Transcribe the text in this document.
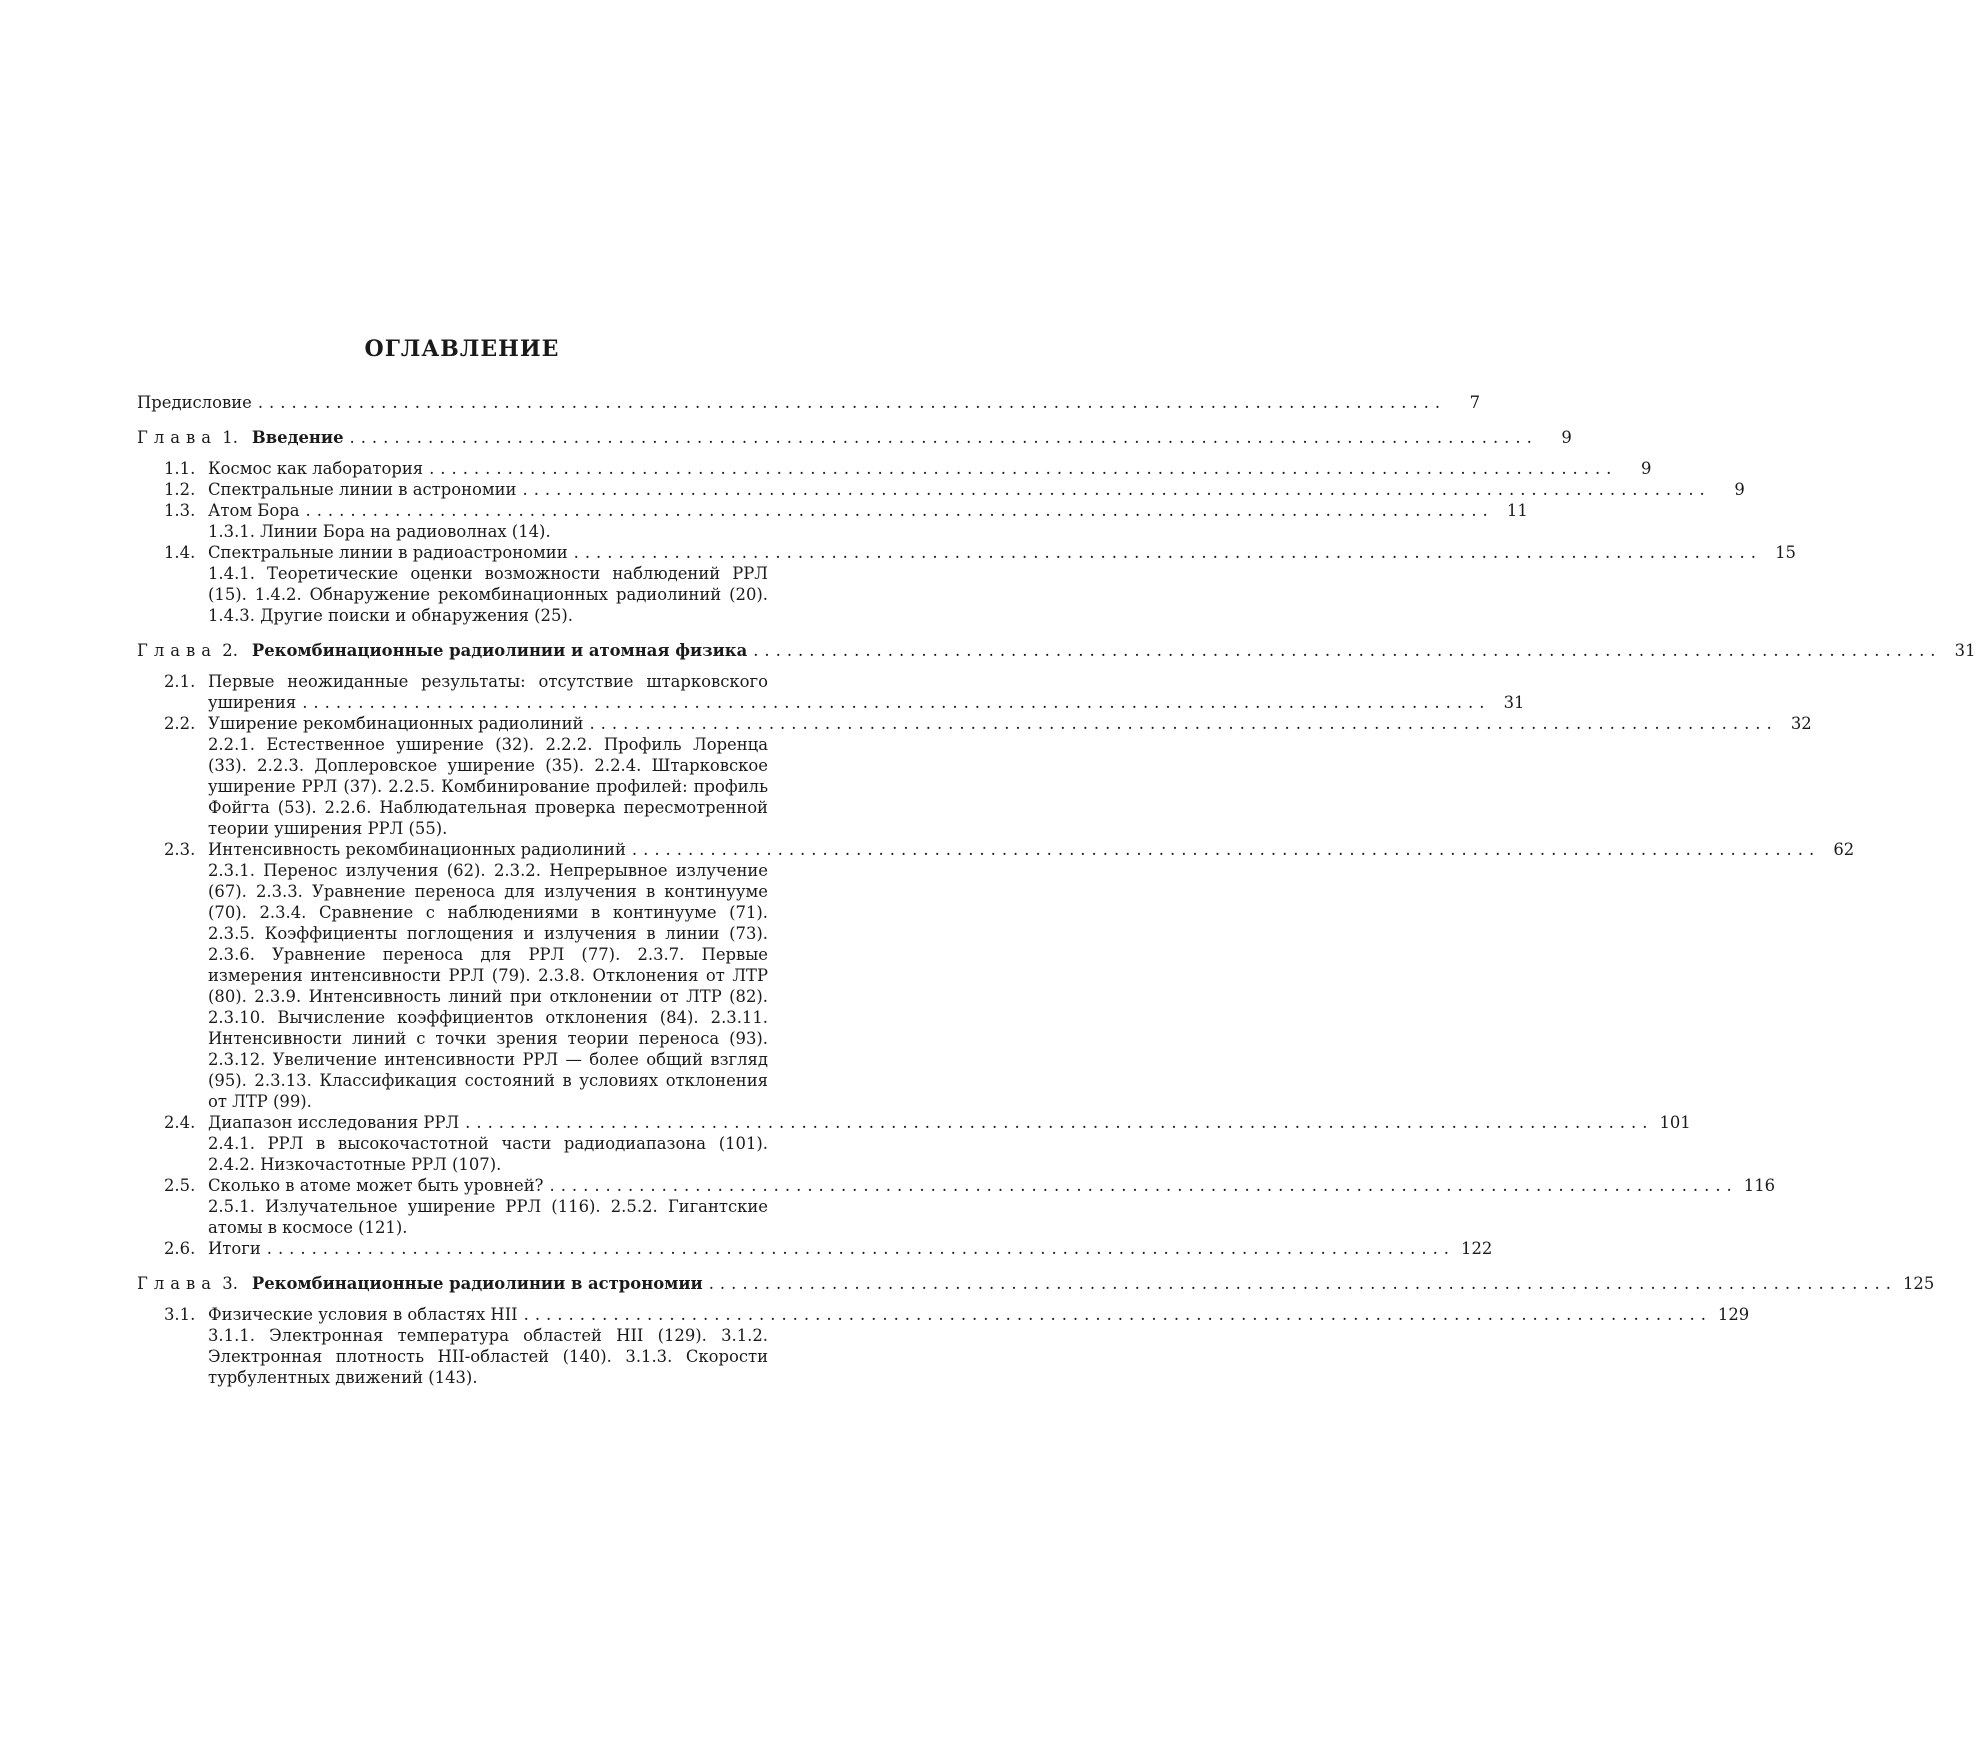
ОГЛАВЛЕНИЕ
Предисловие ..........................................................................................................	7
Глава 1. Введение ..........................................................................................................	9
1.1. Космос как лаборатория ..........................................................................................................	9
1.2. Спектральные линии в астрономии ..........................................................................................................	9
1.3. Атом Бора .......................................................................................................... 11
1.3.1. Линии Бора на радиоволнах (14).
1.4. Спектральные линии в радиоастрономии .......................................................................................................... 15
1.4.1. Теоретические оценки возможности наблюдений РРЛ (15). 1.4.2. Обнаружение рекомбинационных радиолиний (20). 1.4.3. Другие поиски и обнаружения (25).
Глава 2. Рекомбинационные радиолинии и атомная физика .......................................................................................................... 31
2.1. Первые неожиданные результаты: отсутствие штарковского
уширения .......................................................................................................... 31
2.2. Уширение рекомбинационных радиолиний .......................................................................................................... 32
2.2.1. Естественное уширение (32). 2.2.2. Профиль Лоренца (33). 2.2.3. Доплеровское уширение (35). 2.2.4. Штарковское уширение РРЛ (37). 2.2.5. Комбинирование профилей: профиль Фойгта (53). 2.2.6. Наблюдательная проверка пересмотренной теории уширения РРЛ (55).
2.3. Интенсивность рекомбинационных радиолиний .......................................................................................................... 62
2.3.1. Перенос излучения (62). 2.3.2. Непрерывное излучение (67). 2.3.3. Уравнение переноса для излучения в континууме (70). 2.3.4. Сравнение с наблюдениями в континууме (71). 2.3.5. Коэффициенты поглощения и излучения в линии (73). 2.3.6. Уравнение переноса для РРЛ (77). 2.3.7. Первые измерения интенсивности РРЛ (79). 2.3.8. Отклонения от ЛТР (80). 2.3.9. Интенсивность линий при отклонении от ЛТР (82). 2.3.10. Вычисление коэффициентов отклонения (84). 2.3.11. Интенсивности линий с точки зрения теории переноса (93). 2.3.12. Увеличение интенсивности РРЛ — более общий взгляд (95). 2.3.13. Классификация состояний в условиях отклонения от ЛТР (99).
2.4. Диапазон исследования РРЛ .......................................................................................................... 101
2.4.1. РРЛ в высокочастотной части радиодиапазона (101). 2.4.2. Низкочастотные РРЛ (107).
2.5. Сколько в атоме может быть уровней? .......................................................................................................... 116
2.5.1. Излучательное уширение РРЛ (116). 2.5.2. Гигантские атомы в космосе (121).
2.6. Итоги .......................................................................................................... 122
Глава 3. Рекомбинационные радиолинии в астрономии .......................................................................................................... 125
3.1. Физические условия в областях HII .......................................................................................................... 129
3.1.1. Электронная температура областей HII (129). 3.1.2. Электронная плотность HII-областей (140). 3.1.3. Скорости турбулентных движений (143).
